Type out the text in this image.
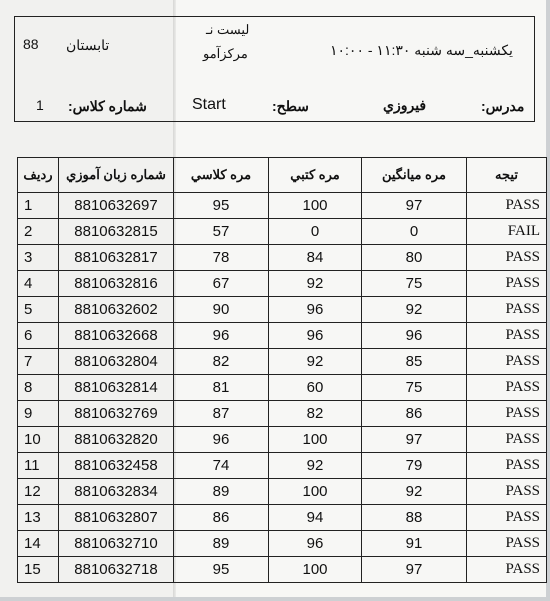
لیست نـ
مرکزآمو
تابستان
88	یکشنبه_سه شنبه ۱۱:۳۰ - ۱۰:۰۰
شماره کلاس:
1	سطح:
Start	مدرس:
فیروزي
ردیف	شماره زبان آموزي	مره کلاسي	مره کتبي	مره میانگین	تیجه
1	8810632697	95	100	97	PASS
2	8810632815	57	0	0	FAIL
3	8810632817	78	84	80	PASS
4	8810632816	67	92	75	PASS
5	8810632602	90	96	92	PASS
6	8810632668	96	96	96	PASS
7	8810632804	82	92	85	PASS
8	8810632814	81	60	75	PASS
9	8810632769	87	82	86	PASS
10	8810632820	96	100	97	PASS
11	8810632458	74	92	79	PASS
12	8810632834	89	100	92	PASS
13	8810632807	86	94	88	PASS
14	8810632710	89	96	91	PASS
15	8810632718	95	100	97	PASS
